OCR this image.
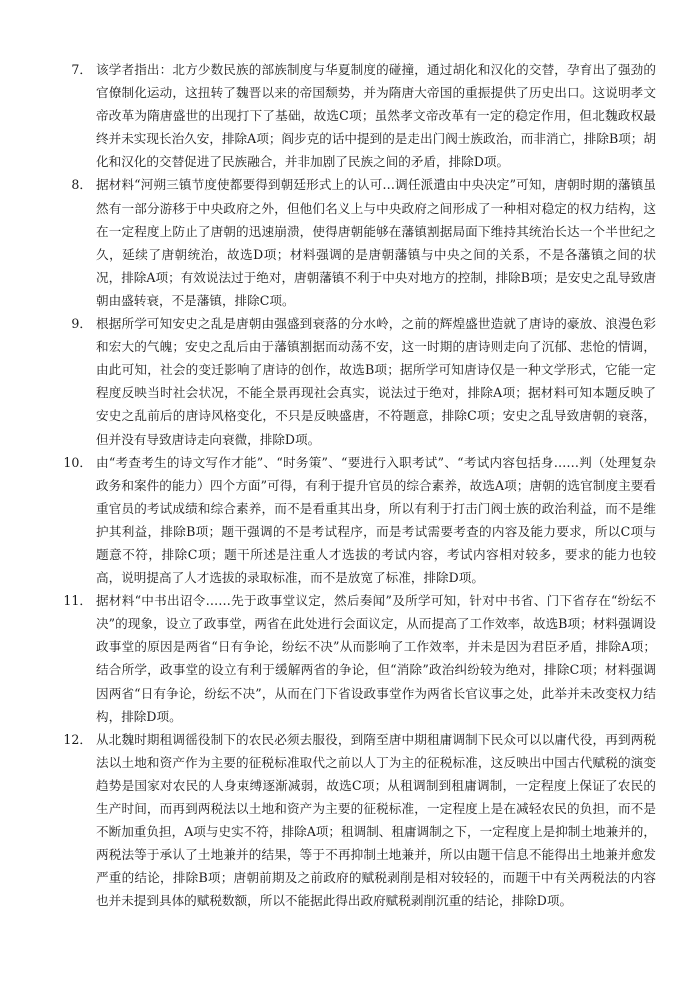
7． 该学者指出：北方少数民族的部族制度与华夏制度的碰撞，通过胡化和汉化的交替，孕育出了强劲的官僚制化运动，这扭转了魏晋以来的帝国颓势，并为隋唐大帝国的重振提供了历史出口。这说明孝文帝改革为隋唐盛世的出现打下了基础，故选C项；虽然孝文帝改革有一定的稳定作用，但北魏政权最终并未实现长治久安，排除A项；阎步克的话中提到的是走出门阀士族政治，而非消亡，排除B项；胡化和汉化的交替促进了民族融合，并非加剧了民族之间的矛盾，排除D项。
8． 据材料“河朔三镇节度使都要得到朝廷形式上的认可…调任派遣由中央决定”可知，唐朝时期的藩镇虽然有一部分游移于中央政府之外，但他们名义上与中央政府之间形成了一种相对稳定的权力结构，这在一定程度上防止了唐朝的迅速崩溃，使得唐朝能够在藩镇割据局面下维持其统治长达一个半世纪之久，延续了唐朝统治，故选D项；材料强调的是唐朝藩镇与中央之间的关系，不是各藩镇之间的状况，排除A项；有效说法过于绝对，唐朝藩镇不利于中央对地方的控制，排除B项；是安史之乱导致唐朝由盛转衰，不是藩镇，排除C项。
9． 根据所学可知安史之乱是唐朝由强盛到衰落的分水岭，之前的辉煌盛世造就了唐诗的豪放、浪漫色彩和宏大的气魄；安史之乱后由于藩镇割据而动荡不安，这一时期的唐诗则走向了沉郁、悲怆的情调，由此可知，社会的变迁影响了唐诗的创作，故选B项；据所学可知唐诗仅是一种文学形式，它能一定程度反映当时社会状况，不能全景再现社会真实，说法过于绝对，排除A项；据材料可知本题反映了安史之乱前后的唐诗风格变化，不只是反映盛唐，不符题意，排除C项；安史之乱导致唐朝的衰落，但并没有导致唐诗走向衰微，排除D项。
10． 由“考查考生的诗文写作才能”、“时务策”、“要进行入职考试”、“考试内容包括身……判（处理复杂政务和案件的能力）四个方面”可得，有利于提升官员的综合素养，故选A项；唐朝的选官制度主要看重官员的考试成绩和综合素养，而不是看重其出身，所以有利于打击门阀士族的政治利益，而不是维护其利益，排除B项；题干强调的不是考试程序，而是考试需要考查的内容及能力要求，所以C项与题意不符，排除C项；题干所述是注重人才选拔的考试内容，考试内容相对较多，要求的能力也较高，说明提高了人才选拔的录取标准，而不是放宽了标准，排除D项。
11． 据材料“中书出诏令……先于政事堂议定，然后奏闻”及所学可知，针对中书省、门下省存在“纷纭不决”的现象，设立了政事堂，两省在此处进行会面议定，从而提高了工作效率，故选B项；材料强调设政事堂的原因是两省“日有争论，纷纭不决”从而影响了工作效率，并未是因为君臣矛盾，排除A项；结合所学，政事堂的设立有利于缓解两省的争论，但“消除”政治纠纷较为绝对，排除C项；材料强调因两省“日有争论，纷纭不决”，从而在门下省设政事堂作为两省长官议事之处，此举并未改变权力结构，排除D项。
12． 从北魏时期租调徭役制下的农民必须去服役，到隋至唐中期租庸调制下民众可以以庸代役，再到两税法以土地和资产作为主要的征税标准取代之前以人丁为主的征税标准，这反映出中国古代赋税的演变趋势是国家对农民的人身束缚逐渐减弱，故选C项；从租调制到租庸调制，一定程度上保证了农民的生产时间，而再到两税法以土地和资产为主要的征税标准，一定程度上是在减轻农民的负担，而不是不断加重负担，A项与史实不符，排除A项；租调制、租庸调制之下，一定程度上是抑制土地兼并的，两税法等于承认了土地兼并的结果，等于不再抑制土地兼并，所以由题干信息不能得出土地兼并愈发严重的结论，排除B项；唐朝前期及之前政府的赋税剥削是相对较轻的，而题干中有关两税法的内容也并未提到具体的赋税数额，所以不能据此得出政府赋税剥削沉重的结论，排除D项。
